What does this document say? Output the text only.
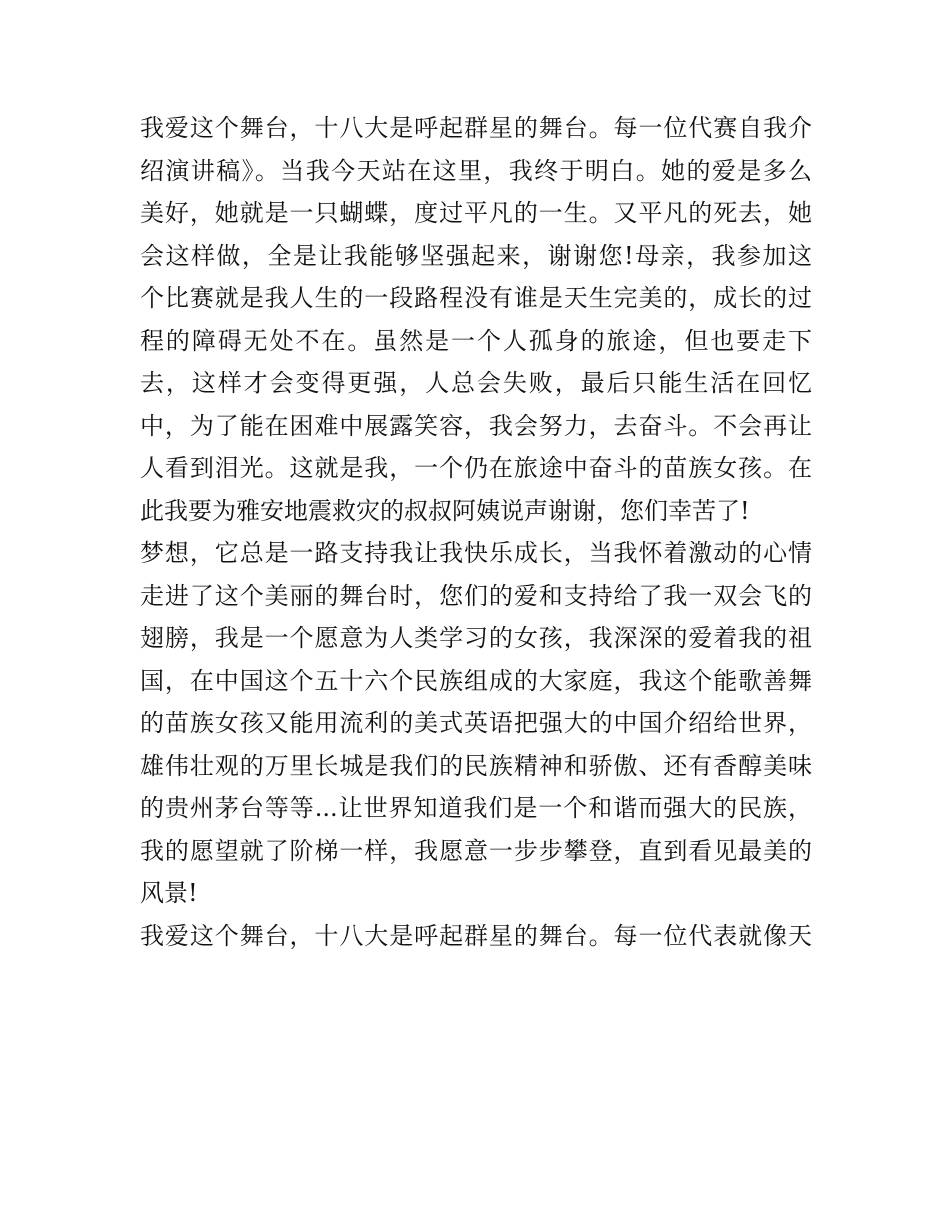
我爱这个舞台，十八大是呼起群星的舞台。每一位代赛自我介
绍演讲稿》。当我今天站在这里，我终于明白。她的爱是多么
美好，她就是一只蝴蝶，度过平凡的一生。又平凡的死去，她
会这样做，全是让我能够坚强起来，谢谢您!母亲，我参加这
个比赛就是我人生的一段路程没有谁是天生完美的，成长的过
程的障碍无处不在。虽然是一个人孤身的旅途，但也要走下
去，这样才会变得更强，人总会失败，最后只能生活在回忆
中，为了能在困难中展露笑容，我会努力，去奋斗。不会再让
人看到泪光。这就是我，一个仍在旅途中奋斗的苗族女孩。在
此我要为雅安地震救灾的叔叔阿姨说声谢谢，您们幸苦了!
梦想，它总是一路支持我让我快乐成长，当我怀着激动的心情
走进了这个美丽的舞台时，您们的爱和支持给了我一双会飞的
翅膀，我是一个愿意为人类学习的女孩，我深深的爱着我的祖
国，在中国这个五十六个民族组成的大家庭，我这个能歌善舞
的苗族女孩又能用流利的美式英语把强大的中国介绍给世界，
雄伟壮观的万里长城是我们的民族精神和骄傲、还有香醇美味
的贵州茅台等等...让世界知道我们是一个和谐而强大的民族，
我的愿望就了阶梯一样，我愿意一步步攀登，直到看见最美的
风景!
我爱这个舞台，十八大是呼起群星的舞台。每一位代表就像天
